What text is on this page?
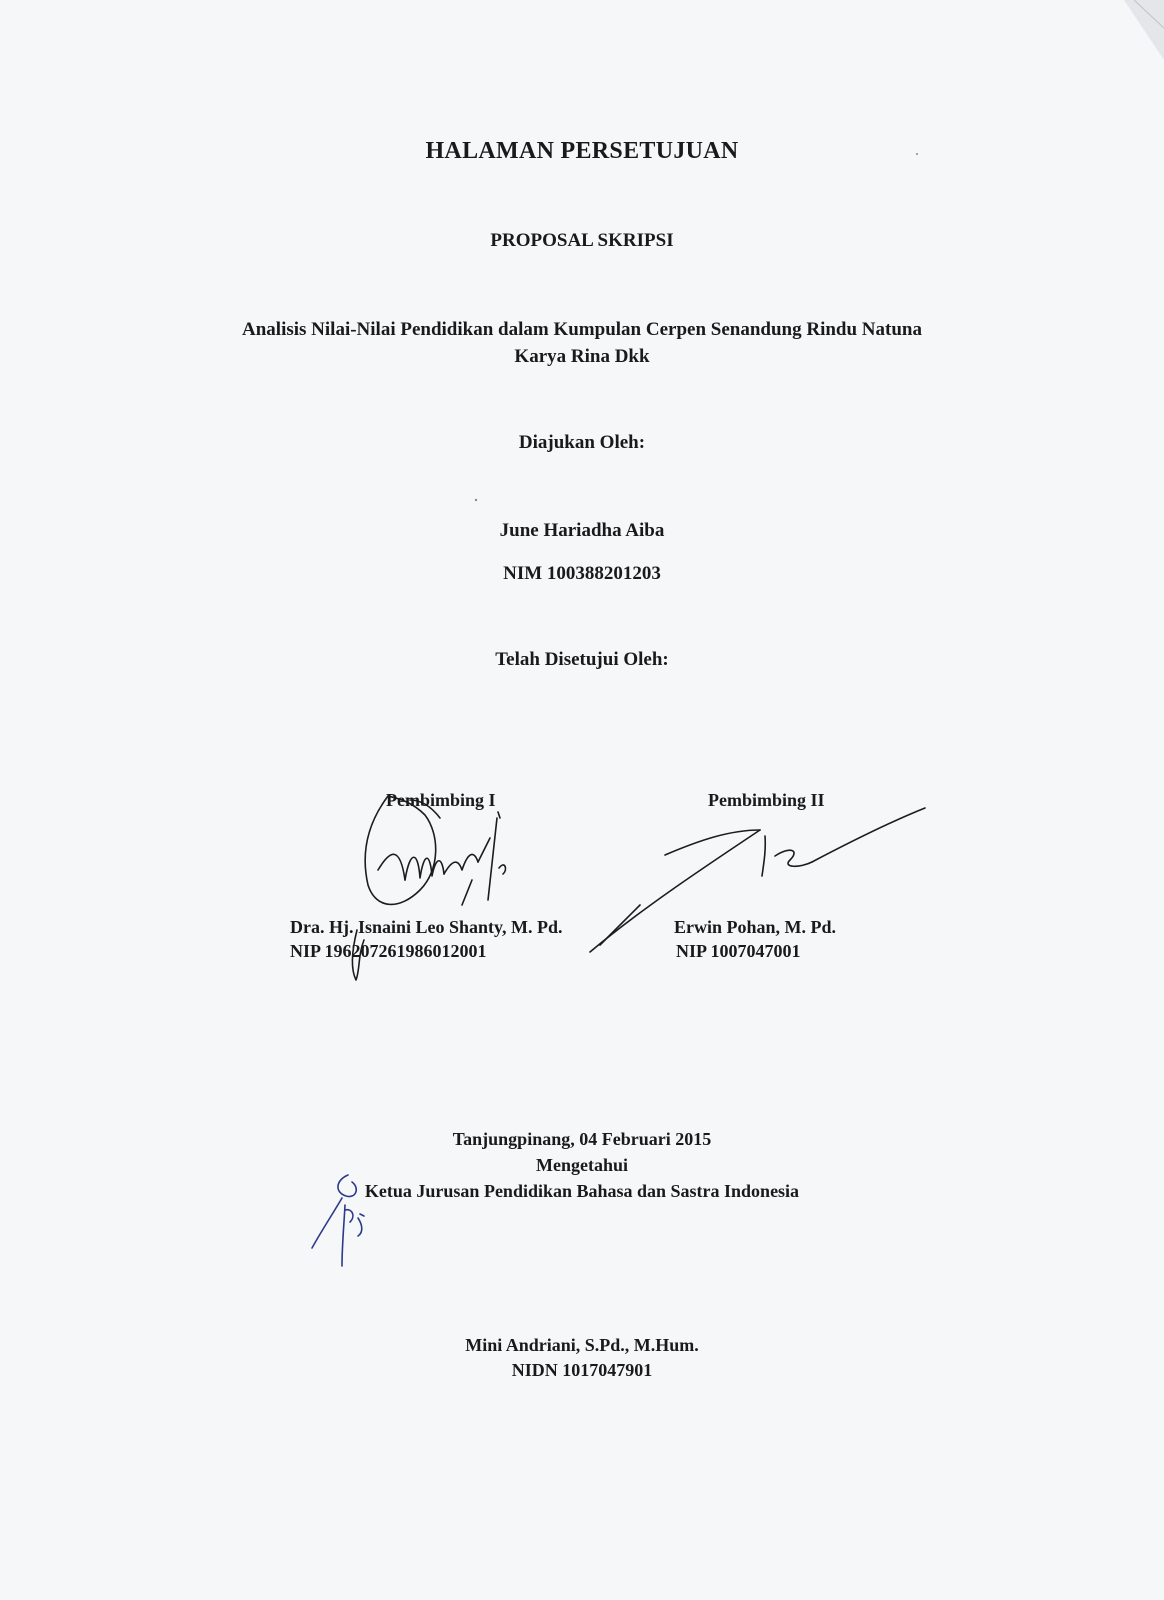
HALAMAN PERSETUJUAN
PROPOSAL SKRIPSI
Analisis Nilai-Nilai Pendidikan dalam Kumpulan Cerpen Senandung Rindu Natuna
Karya Rina Dkk
Diajukan Oleh:
June Hariadha Aiba
NIM 100388201203
Telah Disetujui Oleh:
Pembimbing I
Dra. Hj. Isnaini Leo Shanty, M. Pd.
NIP 196207261986012001
Pembimbing II
Erwin Pohan, M. Pd.
NIP 1007047001
Tanjungpinang, 04 Februari 2015
Mengetahui
Ketua Jurusan Pendidikan Bahasa dan Sastra Indonesia
Mini Andriani, S.Pd., M.Hum.
NIDN 1017047901
